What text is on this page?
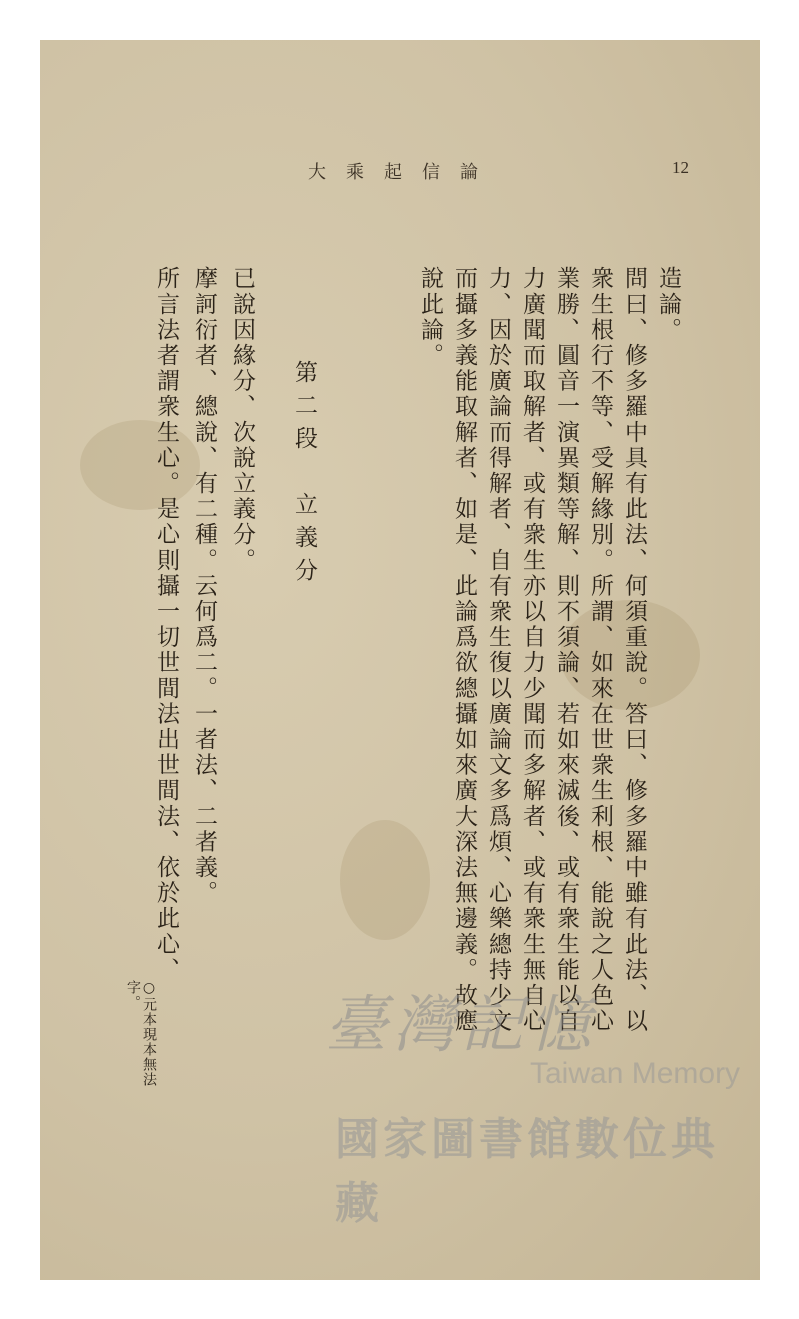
大乘起信論	12
造論。
問曰、修多羅中具有此法、何須重說。答曰、修多羅中雖有此法、以
衆生根行不等、受解緣別。所謂、如來在世衆生利根、能說之人色心
業勝、圓音一演異類等解、則不須論、若如來滅後、或有衆生能以自
力廣聞而取解者、或有衆生亦以自力少聞而多解者、或有衆生無自心
力、因於廣論而得解者、自有衆生復以廣論文多爲煩、心樂總持少文
而攝多義能取解者、如是、此論爲欲總攝如來廣大深法無邊義。故應
說此論。
第二段　立義分
已說因緣分、次說立義分。
摩訶衍者、總說、有二種。云何爲二。一者法、二者義。
所言法者謂衆生心。是心則攝一切世間法出世間法、依於此心、
○元本現本無法
字。	臺灣記憶
Taiwan Memory
國家圖書館數位典藏
